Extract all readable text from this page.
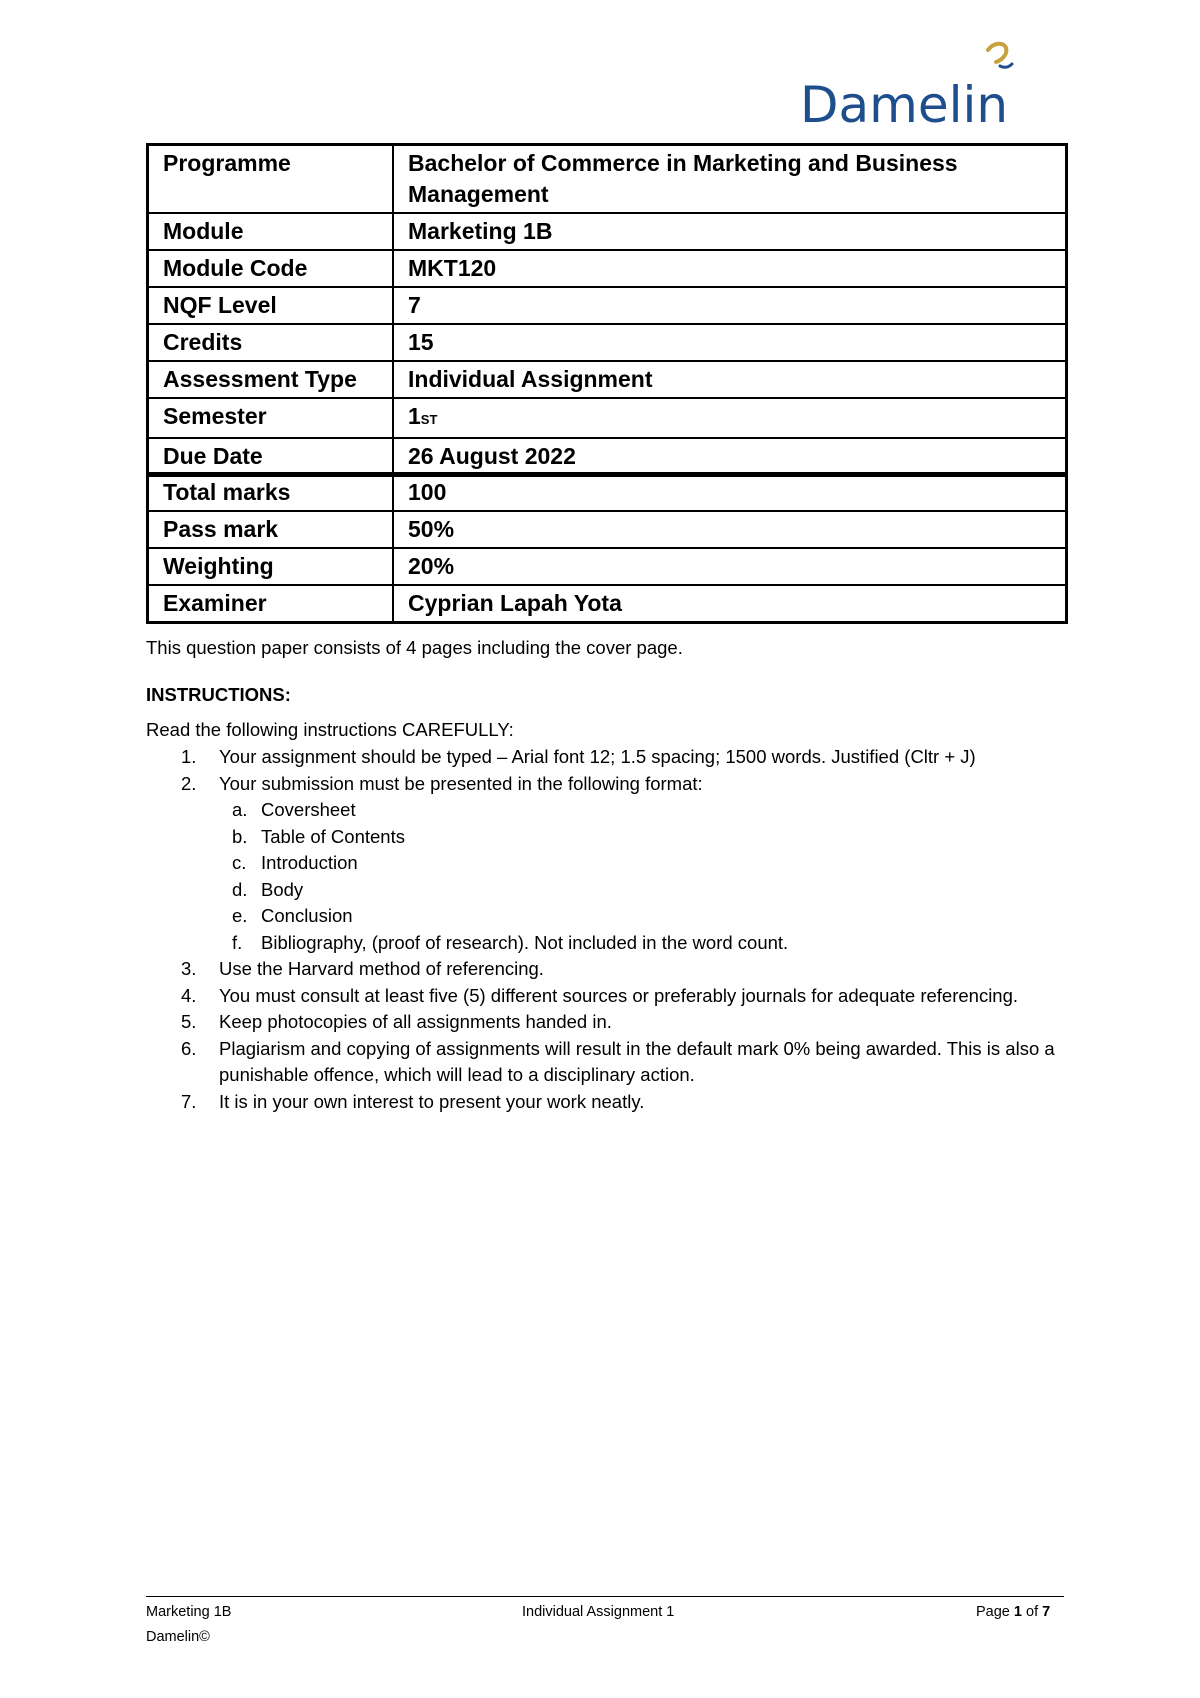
Damelin
Programme	Bachelor of Commerce in Marketing and Business Management
Module	Marketing 1B
Module Code	MKT120
NQF Level	7
Credits	15
Assessment Type	Individual Assignment
Semester	1ST
Due Date	26 August 2022
Total marks	100
Pass mark	50%
Weighting	20%
Examiner	Cyprian Lapah Yota
This question paper consists of 4 pages including the cover page.
INSTRUCTIONS:
Read the following instructions CAREFULLY:
1. Your assignment should be typed – Arial font 12; 1.5 spacing; 1500 words. Justified (Cltr + J)
2. Your submission must be presented in the following format:
a. Coversheet
b. Table of Contents
c. Introduction
d. Body
e. Conclusion
f. Bibliography, (proof of research). Not included in the word count.
3. Use the Harvard method of referencing.
4. You must consult at least five (5) different sources or preferably journals for adequate referencing.
5. Keep photocopies of all assignments handed in.
6. Plagiarism and copying of assignments will result in the default mark 0% being awarded. This is also a punishable offence, which will lead to a disciplinary action.
7. It is in your own interest to present your work neatly.
Marketing 1B	Individual Assignment 1	Page 1 of 7
Damelin©
